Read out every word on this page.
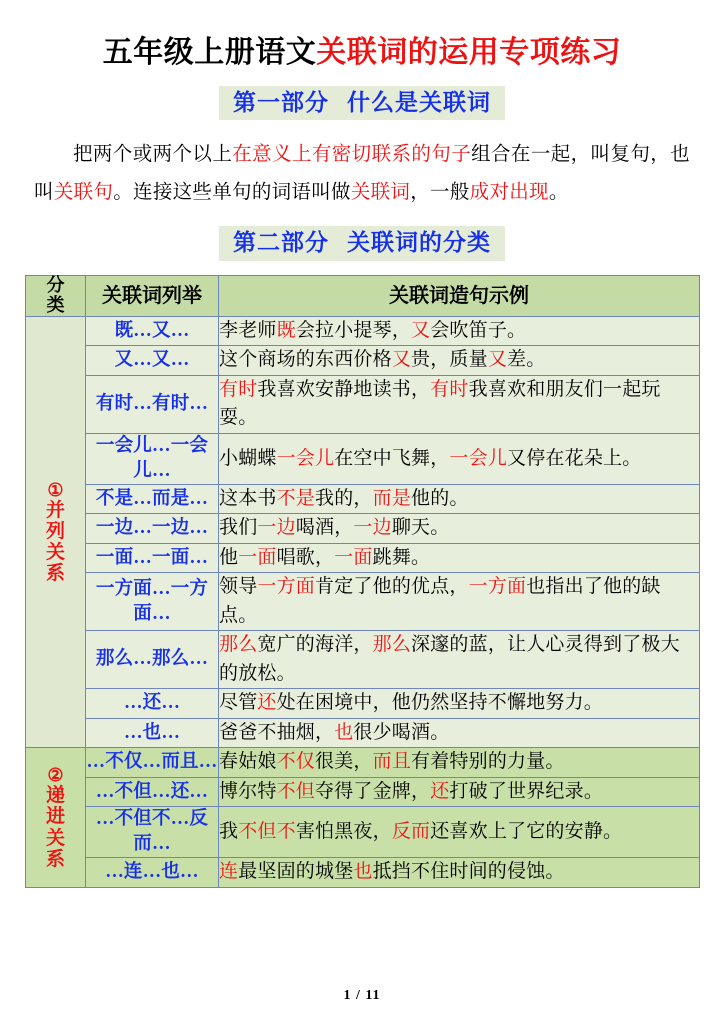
五年级上册语文关联词的运用专项练习
第一部分 什么是关联词

把两个或两个以上在意义上有密切联系的句子组合在一起，叫复句，也叫关联句。连接这些单句的词语叫做关联词，一般成对出现。

第二部分 关联词的分类
分
类	关联词列举	关联词造句示例

①
并
列
关
系	既…又…	李老师既会拉小提琴，又会吹笛子。
	又…又…	这个商场的东西价格又贵，质量又差。
	有时…有时…	有时我喜欢安静地读书，有时我喜欢和朋友们一起玩耍。
	一会儿…一会儿…	小蝴蝶一会儿在空中飞舞，一会儿又停在花朵上。
	不是…而是…	这本书不是我的，而是他的。
	一边…一边…	我们一边喝酒，一边聊天。
	一面…一面…	他一面唱歌，一面跳舞。
	一方面…一方面…	领导一方面肯定了他的优点，一方面也指出了他的缺点。
	那么…那么…	那么宽广的海洋，那么深邃的蓝，让人心灵得到了极大的放松。
	…还…	尽管还处在困境中，他仍然坚持不懈地努力。
	…也…	爸爸不抽烟，也很少喝酒。

②
递
进
关
系	…不仅…而且…	春姑娘不仅很美，而且有着特别的力量。
	…不但…还…	博尔特不但夺得了金牌，还打破了世界纪录。
	…不但不…反而…	我不但不害怕黑夜，反而还喜欢上了它的安静。
	…连…也…	连最坚固的城堡也抵挡不住时间的侵蚀。
1 / 11
